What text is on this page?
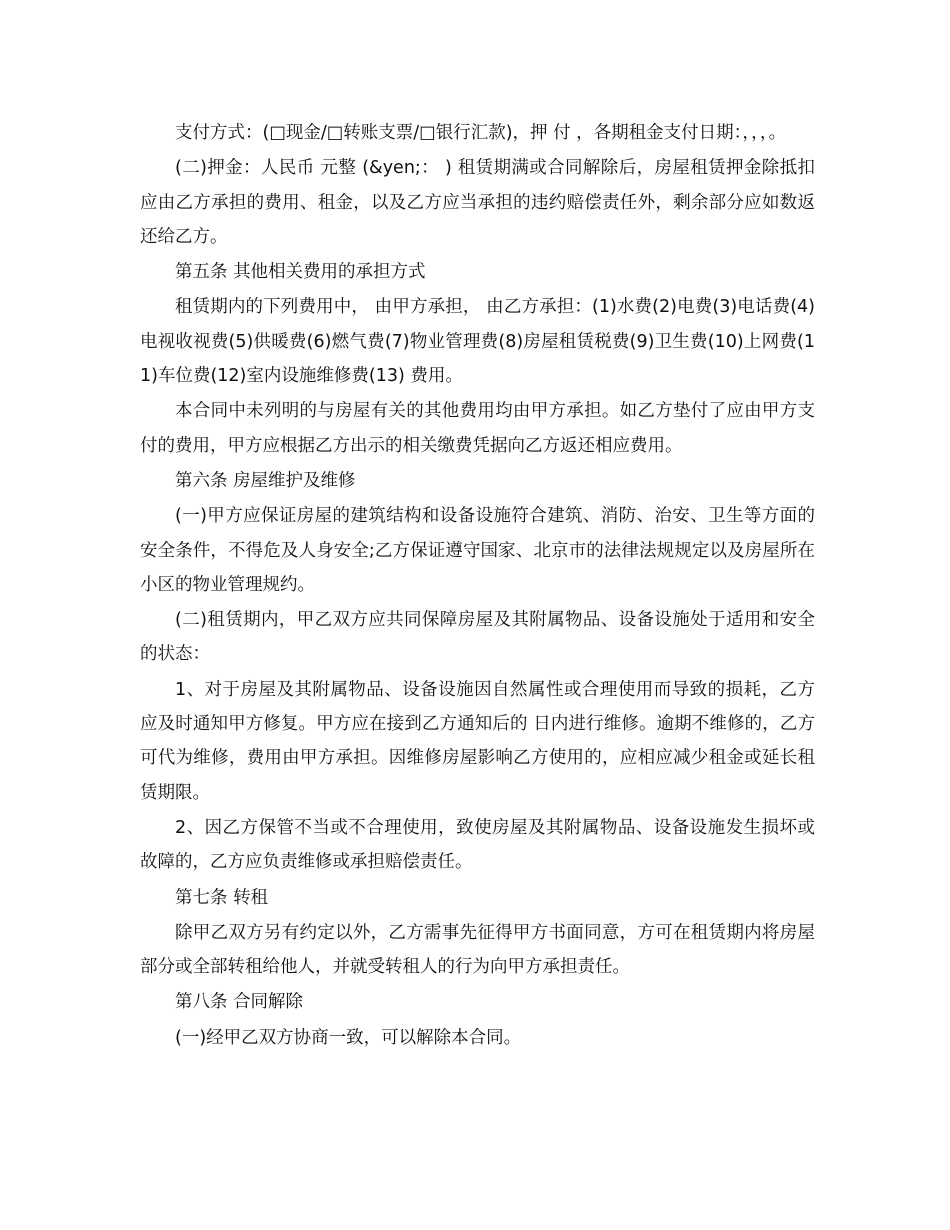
支付方式：(□现金/□转账支票/□银行汇款)，押 付 ，各期租金支付日期：，，，。

(二)押金：人民币 元整 (&yen;： ) 租赁期满或合同解除后，房屋租赁押金除抵扣应由乙方承担的费用、租金，以及乙方应当承担的违约赔偿责任外，剩余部分应如数返还给乙方。

第五条 其他相关费用的承担方式

租赁期内的下列费用中， 由甲方承担， 由乙方承担：(1)水费(2)电费(3)电话费(4)电视收视费(5)供暖费(6)燃气费(7)物业管理费(8)房屋租赁税费(9)卫生费(10)上网费(11)车位费(12)室内设施维修费(13) 费用。

本合同中未列明的与房屋有关的其他费用均由甲方承担。如乙方垫付了应由甲方支付的费用，甲方应根据乙方出示的相关缴费凭据向乙方返还相应费用。

第六条 房屋维护及维修

(一)甲方应保证房屋的建筑结构和设备设施符合建筑、消防、治安、卫生等方面的安全条件，不得危及人身安全;乙方保证遵守国家、北京市的法律法规规定以及房屋所在小区的物业管理规约。

(二)租赁期内，甲乙双方应共同保障房屋及其附属物品、设备设施处于适用和安全的状态：

1、对于房屋及其附属物品、设备设施因自然属性或合理使用而导致的损耗，乙方应及时通知甲方修复。甲方应在接到乙方通知后的 日内进行维修。逾期不维修的，乙方可代为维修，费用由甲方承担。因维修房屋影响乙方使用的，应相应减少租金或延长租赁期限。

2、因乙方保管不当或不合理使用，致使房屋及其附属物品、设备设施发生损坏或故障的，乙方应负责维修或承担赔偿责任。

第七条 转租

除甲乙双方另有约定以外，乙方需事先征得甲方书面同意，方可在租赁期内将房屋部分或全部转租给他人，并就受转租人的行为向甲方承担责任。

第八条 合同解除

(一)经甲乙双方协商一致，可以解除本合同。
